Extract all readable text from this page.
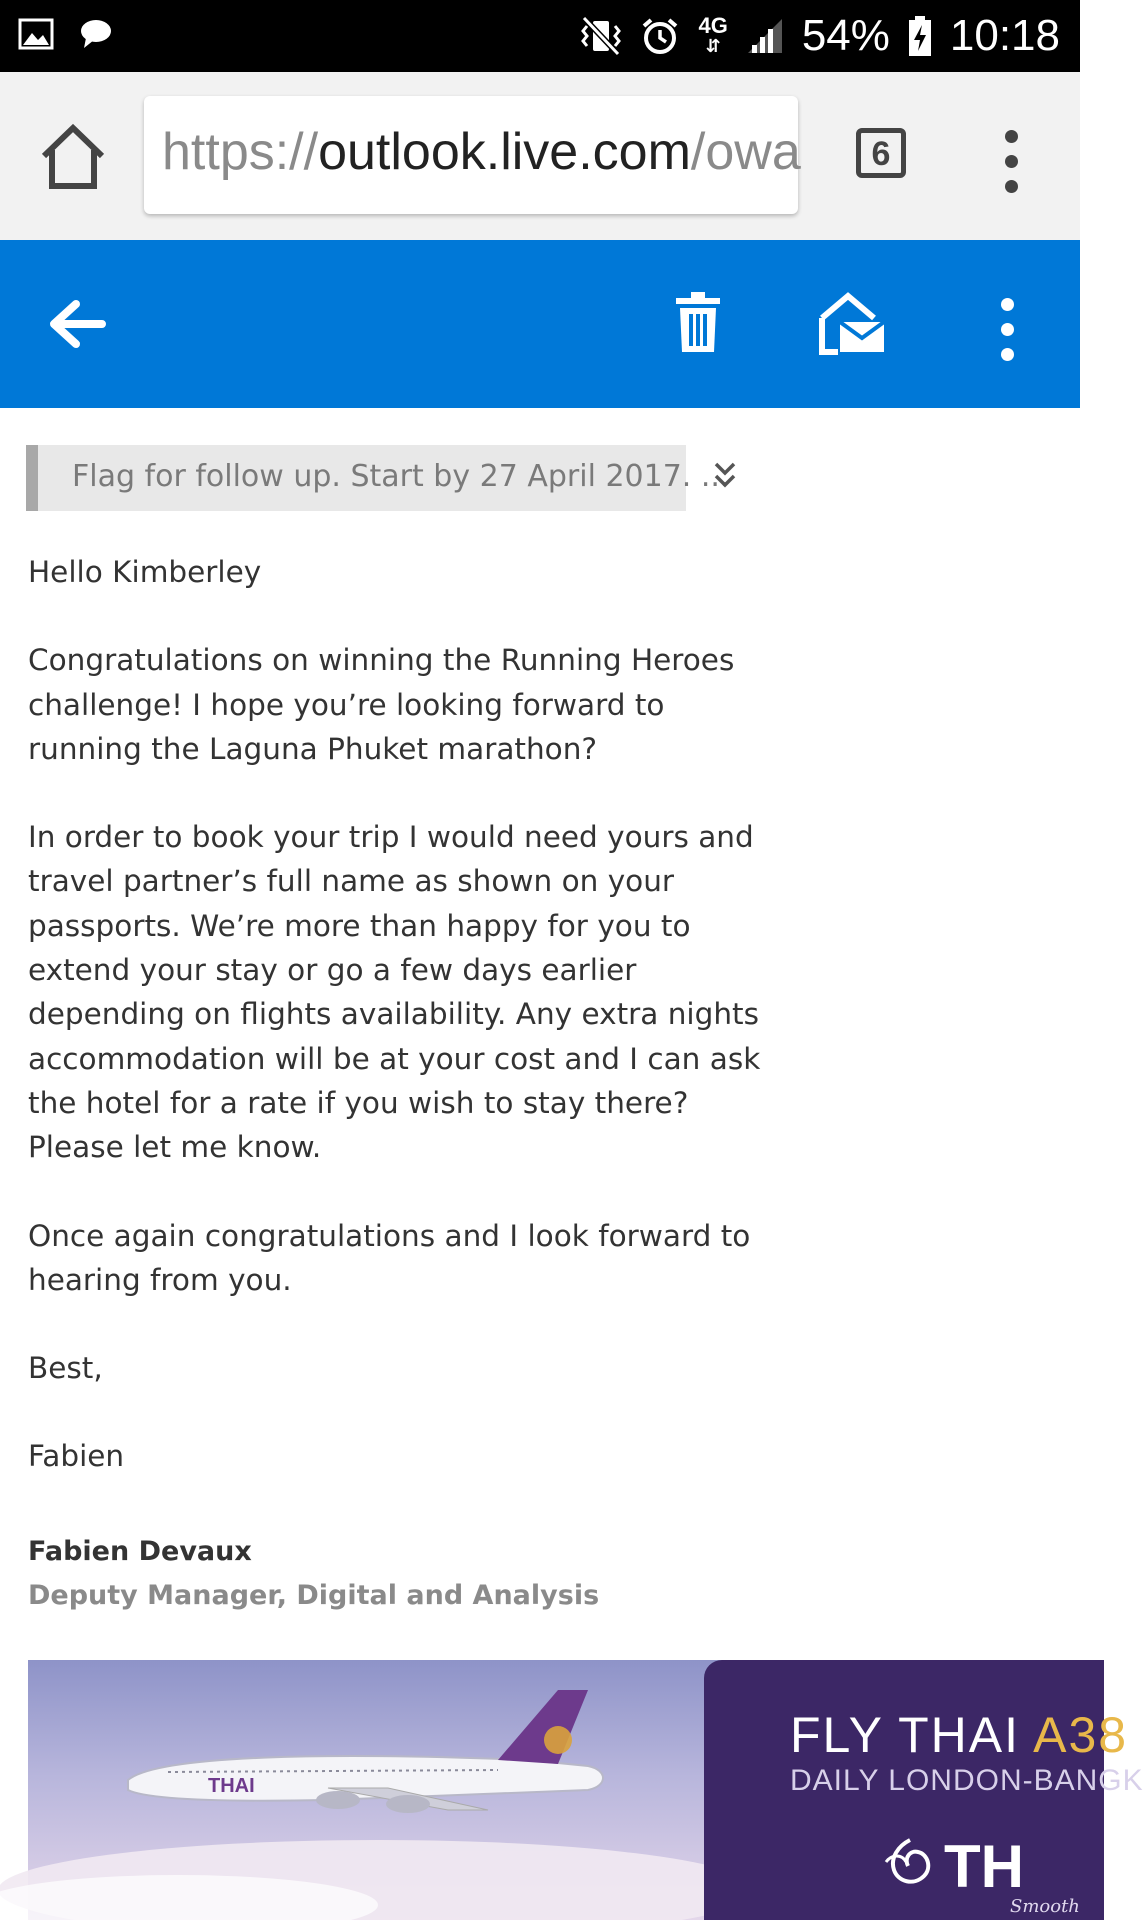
4G
⇵ 54% 10:18
https://outlook.live.com/owa	6
Flag for follow up. Start by 27 April 2017. ...

Hello Kimberley

Congratulations on winning the Running Heroes challenge! I hope you’re looking forward to running the Laguna Phuket marathon?

In order to book your trip I would need yours and travel partner’s full name as shown on your passports. We’re more than happy for you to extend your stay or go a few days earlier depending on flights availability. Any extra nights accommodation will be at your cost and I can ask the hotel for a rate if you wish to stay there? Please let me know.

Once again congratulations and I look forward to hearing from you.

Best,

Fabien

Fabien Devaux
Deputy Manager, Digital and Analysis
THAI
FLY THAI A38
DAILY LONDON-BANGK
TH
Smooth
